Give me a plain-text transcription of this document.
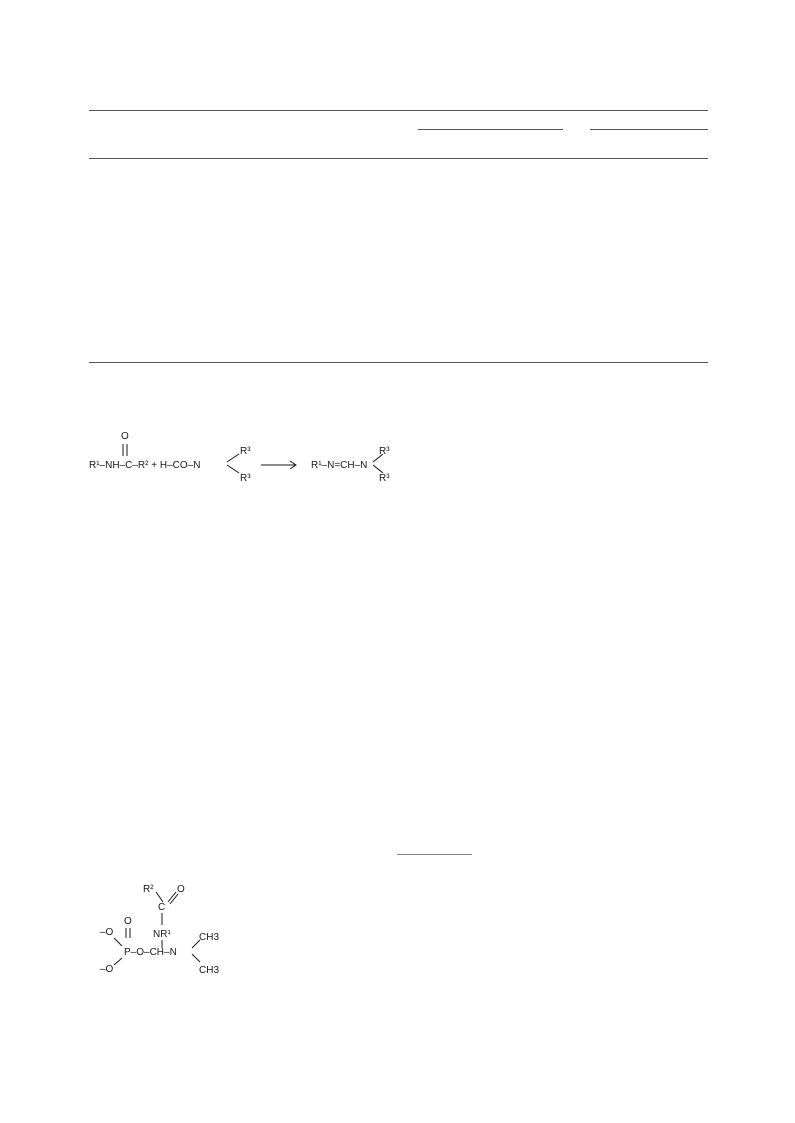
O
R¹–NH–C–R² + H–CO–N
R³
R³
R¹–N=CH–N
R³
R³

R²
C
O
O
NR¹
–O
P–O–CH–N
–O
CH3
CH3
